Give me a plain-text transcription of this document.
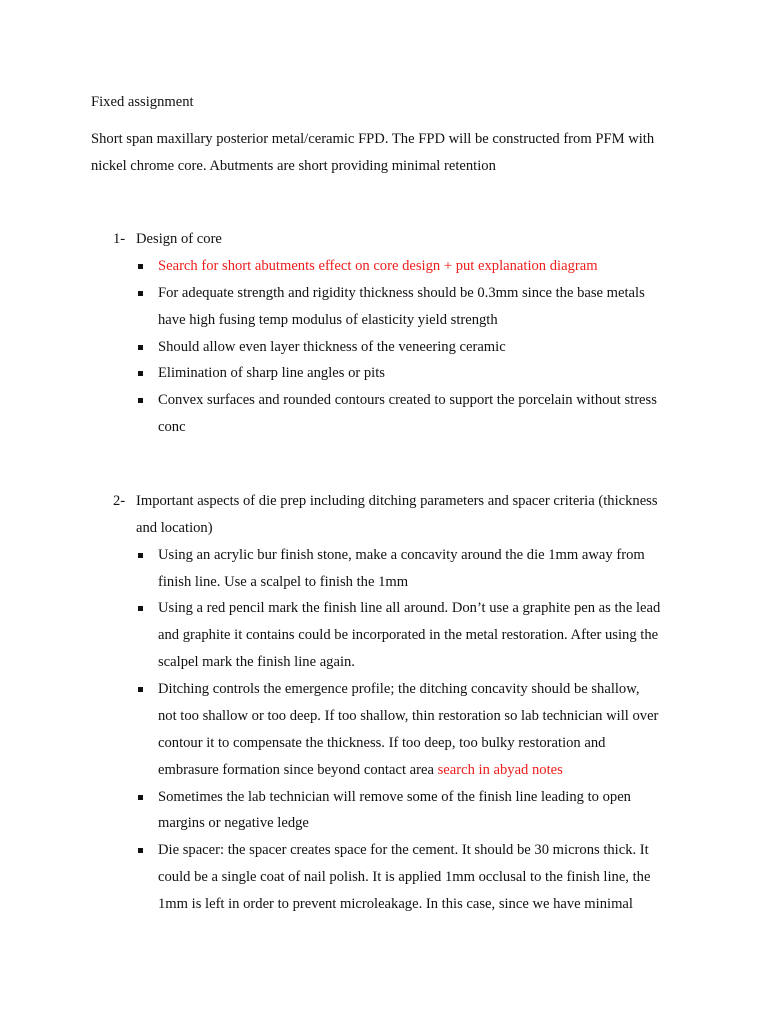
Fixed assignment
Short span maxillary posterior metal/ceramic FPD. The FPD will be constructed from PFM with
nickel chrome core. Abutments are short providing minimal retention
1- Design of core
Search for short abutments effect on core design + put explanation diagram
For adequate strength and rigidity thickness should be 0.3mm since the base metals
have high fusing temp modulus of elasticity yield strength
Should allow even layer thickness of the veneering ceramic
Elimination of sharp line angles or pits
Convex surfaces and rounded contours created to support the porcelain without stress
conc
2- Important aspects of die prep including ditching parameters and spacer criteria (thickness
and location)
Using an acrylic bur finish stone, make a concavity around the die 1mm away from
finish line. Use a scalpel to finish the 1mm
Using a red pencil mark the finish line all around. Don’t use a graphite pen as the lead
and graphite it contains could be incorporated in the metal restoration. After using the
scalpel mark the finish line again.
Ditching controls the emergence profile; the ditching concavity should be shallow,
not too shallow or too deep. If too shallow, thin restoration so lab technician will over
contour it to compensate the thickness. If too deep, too bulky restoration and
embrasure formation since beyond contact area search in abyad notes
Sometimes the lab technician will remove some of the finish line leading to open
margins or negative ledge
Die spacer: the spacer creates space for the cement. It should be 30 microns thick. It
could be a single coat of nail polish. It is applied 1mm occlusal to the finish line, the
1mm is left in order to prevent microleakage. In this case, since we have minimal
